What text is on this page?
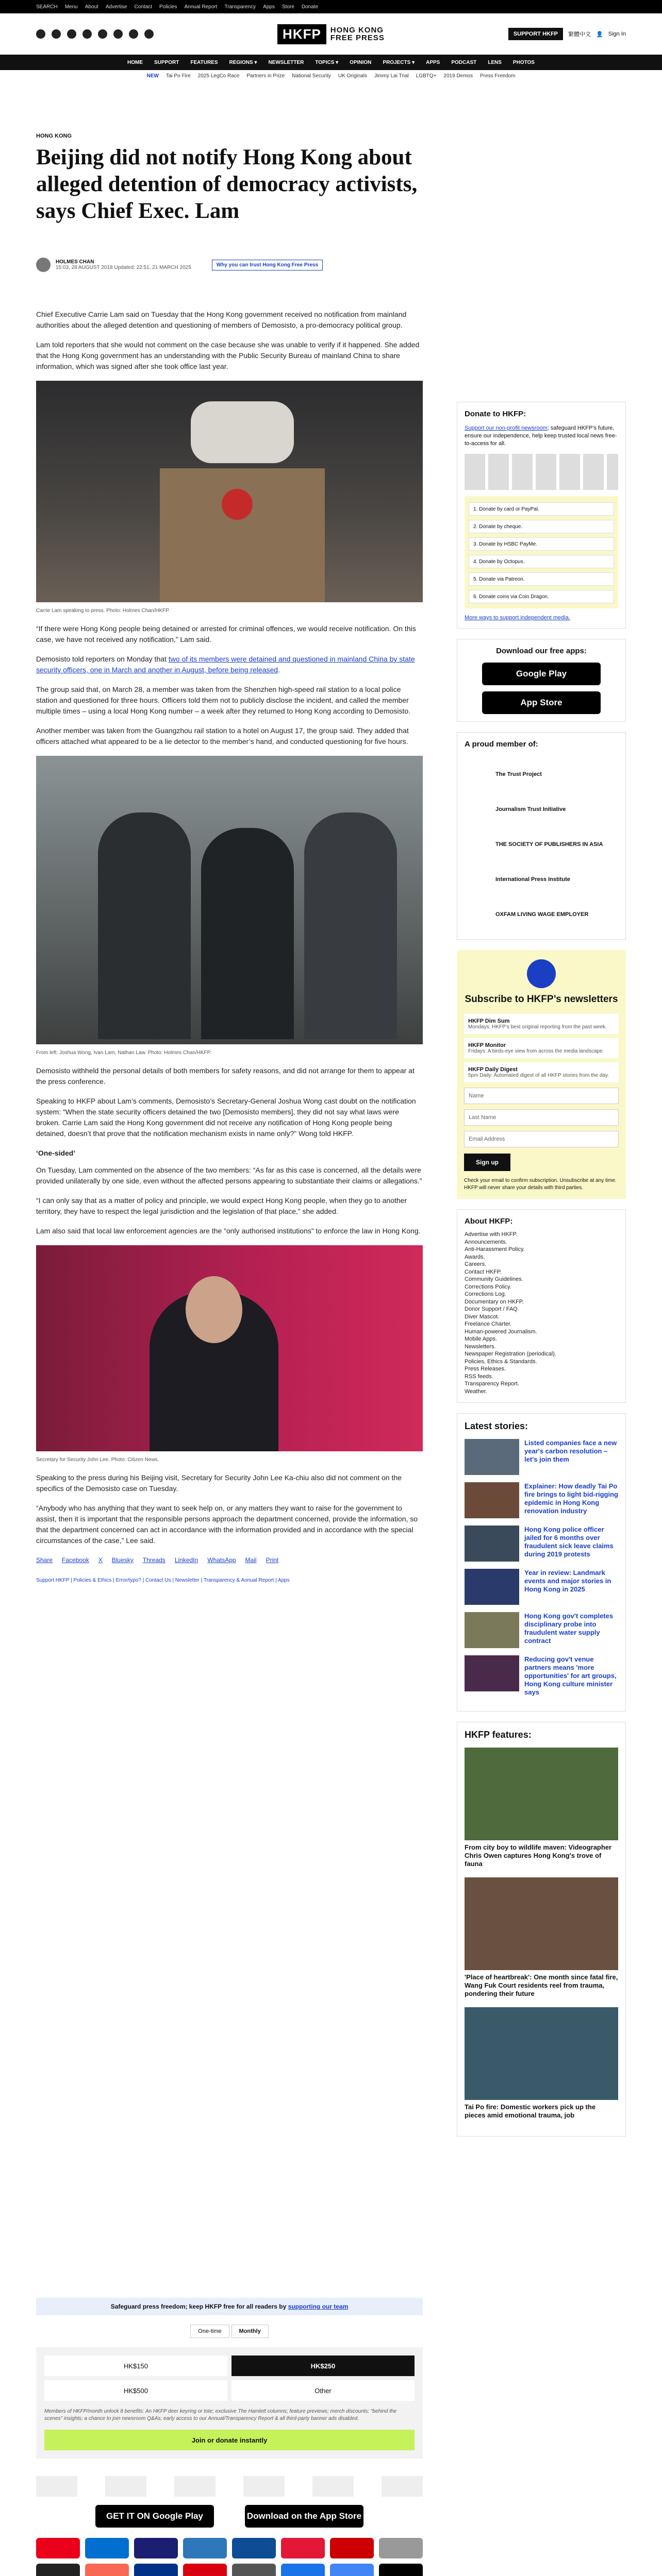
SEARCH Menu About Advertise Contact Policies Annual Report Transparency Apps Store Donate
HKFP	HONG KONG
FREE PRESS	SUPPORT HKFP	繁體中文 👤 Sign In
HOME SUPPORT FEATURES REGIONS ▾ NEWSLETTER TOPICS ▾ OPINION PROJECTS ▾ APPS PODCAST LENS PHOTOS
NEW Tai Po Fire 2025 LegCo Race Partners in Prize National Security UK Originals Jimmy Lai Trial LGBTQ+ 2019 Demos Press Freedom
HONG KONG
Beijing did not notify Hong Kong about alleged detention of democracy activists, says Chief Exec. Lam
HOLMES CHAN
15:03, 28 AUGUST 2018 Updated: 22:51, 21 MARCH 2025	Why you can trust Hong Kong Free Press

Chief Executive Carrie Lam said on Tuesday that the Hong Kong government received no notification from mainland authorities about the alleged detention and questioning of members of Demosisto, a pro-democracy political group.

Lam told reporters that she would not comment on the case because she was unable to verify if it happened. She added that the Hong Kong government has an understanding with the Public Security Bureau of mainland China to share information, which was signed after she took office last year.

Carrie Lam speaking to press. Photo: Holmes Chan/HKFP.

“If there were Hong Kong people being detained or arrested for criminal offences, we would receive notification. On this case, we have not received any notification,” Lam said.

Demosisto told reporters on Monday that two of its members were detained and questioned in mainland China by state security officers, one in March and another in August, before being released.

The group said that, on March 28, a member was taken from the Shenzhen high-speed rail station to a local police station and questioned for three hours. Officers told them not to publicly disclose the incident, and called the member multiple times – using a local Hong Kong number – a week after they returned to Hong Kong according to Demosisto.

Another member was taken from the Guangzhou rail station to a hotel on August 17, the group said. They added that officers attached what appeared to be a lie detector to the member’s hand, and conducted questioning for five hours.

From left: Joshua Wong, Ivan Lam, Nathan Law. Photo: Holmes Chan/HKFP.

Demosisto withheld the personal details of both members for safety reasons, and did not arrange for them to appear at the press conference.

Speaking to HKFP about Lam’s comments, Demosisto’s Secretary-General Joshua Wong cast doubt on the notification system: “When the state security officers detained the two [Demosisto members], they did not say what laws were broken. Carrie Lam said the Hong Kong government did not receive any notification of Hong Kong people being detained, doesn’t that prove that the notification mechanism exists in name only?” Wong told HKFP.

‘One-sided’

On Tuesday, Lam commented on the absence of the two members: “As far as this case is concerned, all the details were provided unilaterally by one side, even without the affected persons appearing to substantiate their claims or allegations.”

“I can only say that as a matter of policy and principle, we would expect Hong Kong people, when they go to another territory, they have to respect the legal jurisdiction and the legislation of that place,” she added.

Lam also said that local law enforcement agencies are the “only authorised institutions” to enforce the law in Hong Kong.

Secretary for Security John Lee. Photo: Citizen News.

Speaking to the press during his Beijing visit, Secretary for Security John Lee Ka-chiu also did not comment on the specifics of the Demosisto case on Tuesday.

“Anybody who has anything that they want to seek help on, or any matters they want to raise for the government to assist, then it is important that the responsible persons approach the department concerned, provide the information, so that the department concerned can act in accordance with the information provided and in accordance with the special circumstances of the case,” Lee said.

Share Facebook X Bluesky Threads LinkedIn WhatsApp Mail Print
Support HKFP | Policies & Ethics | Error/typo? | Contact Us | Newsletter | Transparency & Annual Report | Apps
Safeguard press freedom; keep HKFP free for all readers by supporting our team
One-time	Monthly
HK$150	HK$250
HK$500	Other
Members of HKFP/month unlock 8 benefits: An HKFP deer keyring or tote; exclusive The Hamlett columns; feature previews; merch discounts; "behind the scenes" insights; a chance to join newsroom Q&As; early access to our Annual/Transparency Report & all third-party banner ads disabled.
Join or donate instantly
GET IT ON Google Play	Download on the App Store
Donate to HKFP:

Support our non-profit newsroom; safeguard HKFP’s future, ensure our independence, help keep trusted local news free-to-access for all.

1. Donate by card or PayPal.
2. Donate by cheque.
3. Donate by HSBC PayMe.
4. Donate by Octopus.
5. Donate via Patreon.
6. Donate coins via Coin Dragon.
More ways to support independent media.
Download our free apps:
Google Play
App Store
A proud member of:
The Trust Project
Journalism Trust Initiative
THE SOCIETY OF PUBLISHERS IN ASIA
International Press Institute
OXFAM LIVING WAGE EMPLOYER
Subscribe to HKFP’s newsletters
HKFP Dim Sum
Mondays: HKFP’s best original reporting from the past week.
HKFP Monitor
Fridays: A birds-eye view from across the media landscape.
HKFP Daily Digest
5pm Daily: Automated digest of all HKFP stories from the day.
Name
Last Name
Email Address
Sign up
Check your email to confirm subscription. Unsubscribe at any time. HKFP will never share your details with third parties.
About HKFP:
Advertise with HKFP.
Announcements.
Anti-Harassment Policy.
Awards.
Careers.
Contact HKFP.
Community Guidelines.
Corrections Policy.
Corrections Log.
Documentary on HKFP.
Donor Support / FAQ.
Diver Mascot.
Freelance Charter.
Human-powered Journalism.
Mobile Apps.
Newsletters.
Newspaper Registration (periodical).
Policies, Ethics & Standards.
Press Releases.
RSS feeds.
Transparency Report.
Weather.
Latest stories:
Listed companies face a new year's carbon resolution – let's join them
Explainer: How deadly Tai Po fire brings to light bid-rigging epidemic in Hong Kong renovation industry
Hong Kong police officer jailed for 6 months over fraudulent sick leave claims during 2019 protests
Year in review: Landmark events and major stories in Hong Kong in 2025
Hong Kong gov't completes disciplinary probe into fraudulent water supply contract
Reducing gov't venue partners means 'more opportunities' for art groups, Hong Kong culture minister says
HKFP features:
From city boy to wildlife maven: Videographer Chris Owen captures Hong Kong's trove of fauna
'Place of heartbreak': One month since fatal fire, Wang Fuk Court residents reel from trauma, pondering their future
Tai Po fire: Domestic workers pick up the pieces amid emotional trauma, job
